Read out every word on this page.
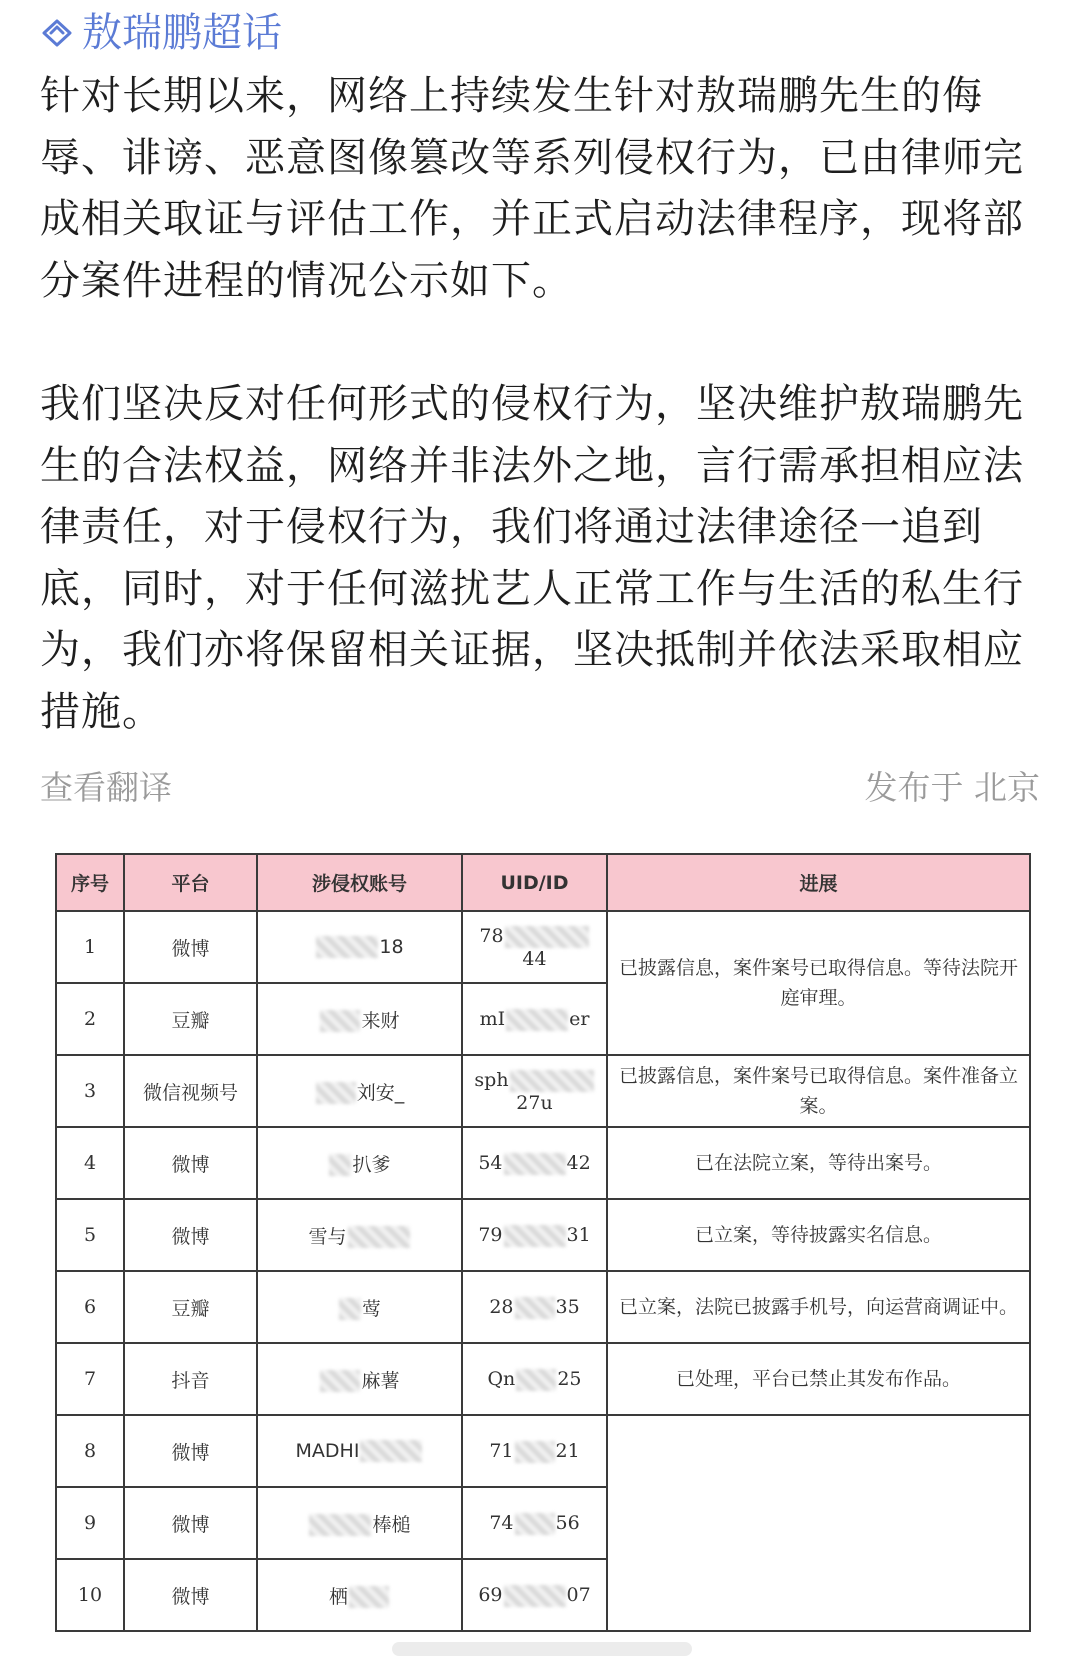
敖瑞鹏超话

针对长期以来，网络上持续发生针对敖瑞鹏先生的侮辱、诽谤、恶意图像篡改等系列侵权行为，已由律师完成相关取证与评估工作，并正式启动法律程序，现将部分案件进程的情况公示如下。

我们坚决反对任何形式的侵权行为，坚决维护敖瑞鹏先生的合法权益，网络并非法外之地，言行需承担相应法律责任，对于侵权行为，我们将通过法律途径一追到底，同时，对于任何滋扰艺人正常工作与生活的私生行为，我们亦将保留相关证据，坚决抵制并依法采取相应措施。

查看翻译	发布于 北京
序号	平台	涉侵权账号	UID/ID	进展
1	微博	18	7844	已披露信息，案件案号已取得信息。等待法院开庭审理。
2	豆瓣	来财	mI er	
3	微信视频号	刘安_	sph27u	已披露信息，案件案号已取得信息。案件准备立案。
4	微博	扒爹	54 42	已在法院立案，等待出案号。
5	微博	雪与	79 31	已立案，等待披露实名信息。
6	豆瓣	莺	28 35	已立案，法院已披露手机号，向运营商调证中。
7	抖音	麻薯	Qn 25	已处理，平台已禁止其发布作品。
8	微博	MADHI	71 21	
9	微博	棒槌	74 56	
10	微博	栖	69 07	
